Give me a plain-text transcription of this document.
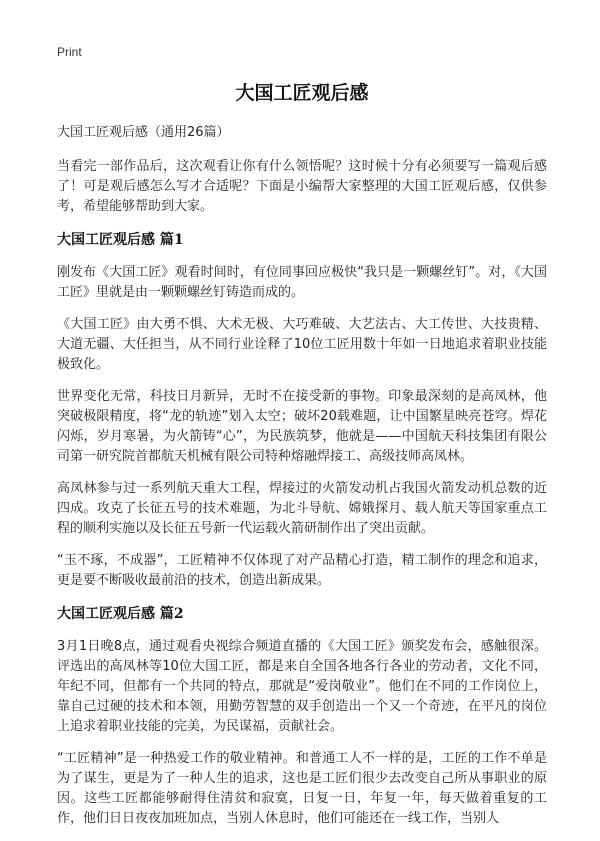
Print
大国工匠观后感
大国工匠观后感（通用26篇）

当看完一部作品后，这次观看让你有什么领悟呢？这时候十分有必须要写一篇观后感了！可是观后感怎么写才合适呢？下面是小编帮大家整理的大国工匠观后感，仅供参考，希望能够帮助到大家。

大国工匠观后感 篇1

刚发布《大国工匠》观看时间时，有位同事回应极快“我只是一颗螺丝钉”。对，《大国工匠》里就是由一颗颗螺丝钉铸造而成的。

《大国工匠》由大勇不惧、大术无极、大巧难破、大艺法古、大工传世、大技贵精、大道无疆、大任担当，从不同行业诠释了10位工匠用数十年如一日地追求着职业技能极致化。

世界变化无常，科技日月新异，无时不在接受新的事物。印象最深刻的是高凤林，他突破极限精度，将“龙的轨迹”划入太空；破坏20载难题，让中国繁星映亮苍穹。焊花闪烁，岁月寒暑，为火箭铸“心”，为民族筑梦，他就是——中国航天科技集团有限公司第一研究院首都航天机械有限公司特种熔融焊接工、高级技师高凤林。

高凤林参与过一系列航天重大工程，焊接过的火箭发动机占我国火箭发动机总数的近四成。攻克了长征五号的技术难题，为北斗导航、嫦娥探月、载人航天等国家重点工程的顺利实施以及长征五号新一代运载火箭研制作出了突出贡献。

“玉不琢，不成器”，工匠精神不仅体现了对产品精心打造，精工制作的理念和追求，更是要不断吸收最前沿的技术，创造出新成果。

大国工匠观后感 篇2

3月1日晚8点，通过观看央视综合频道直播的《大国工匠》颁奖发布会，感触很深。评选出的高凤林等10位大国工匠，都是来自全国各地各行各业的劳动者，文化不同，年纪不同，但都有一个共同的特点，那就是“爱岗敬业”。他们在不同的工作岗位上，靠自己过硬的技术和本领，用勤劳智慧的双手创造出一个又一个奇迹，在平凡的岗位上追求着职业技能的完美，为民谋福，贡献社会。

“工匠精神”是一种热爱工作的敬业精神。和普通工人不一样的是，工匠的工作不单是为了谋生，更是为了一种人生的追求，这也是工匠们很少去改变自己所从事职业的原因。这些工匠都能够耐得住清贫和寂寞，日复一日，年复一年，每天做着重复的工作，他们日日夜夜加班加点，当别人休息时，他们可能还在一线工作，当别人
